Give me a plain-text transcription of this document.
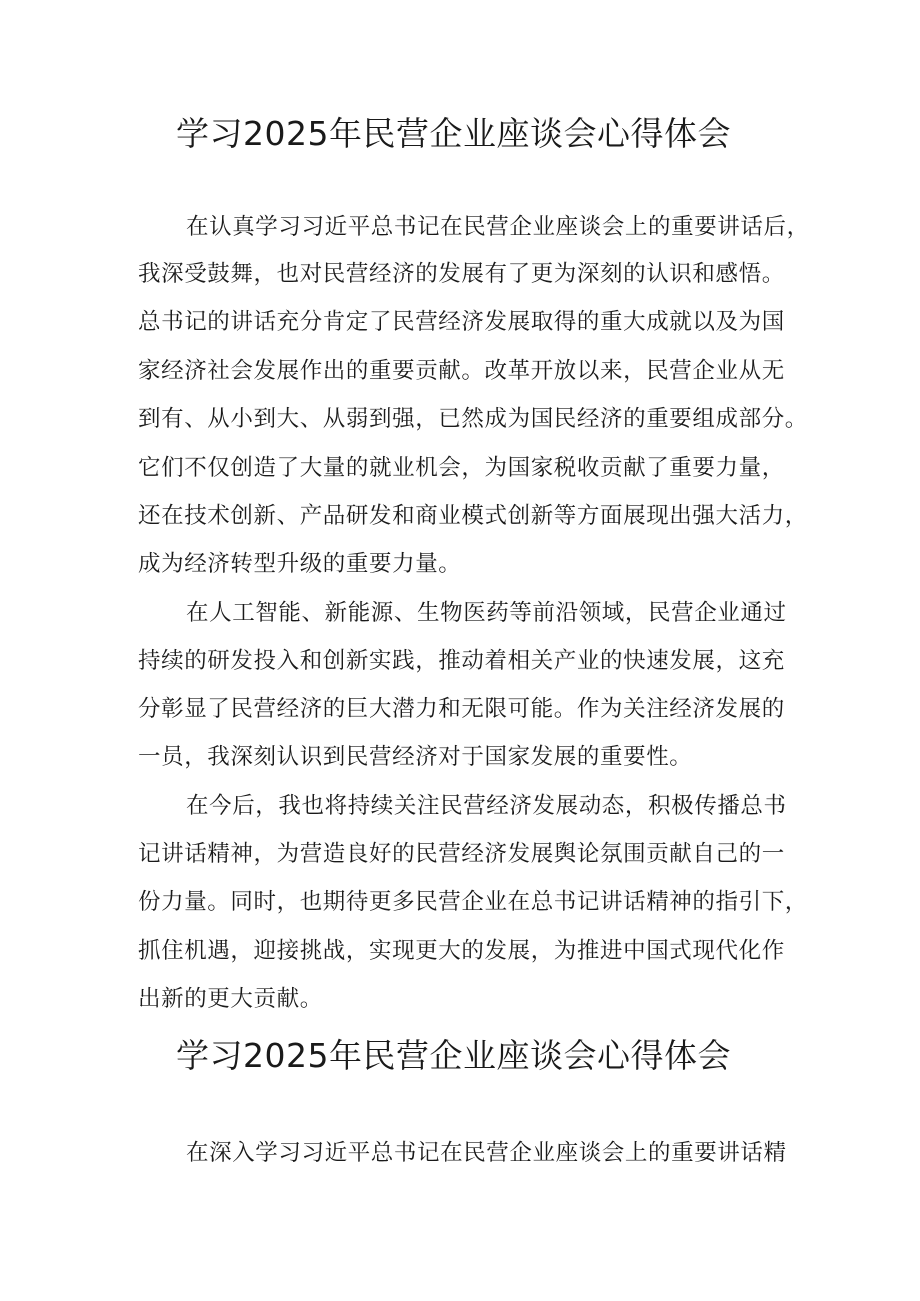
学习2025年民营企业座谈会心得体会
在认真学习习近平总书记在民营企业座谈会上的重要讲话后，
我深受鼓舞，也对民营经济的发展有了更为深刻的认识和感悟。
总书记的讲话充分肯定了民营经济发展取得的重大成就以及为国
家经济社会发展作出的重要贡献。改革开放以来，民营企业从无
到有、从小到大、从弱到强，已然成为国民经济的重要组成部分。
它们不仅创造了大量的就业机会，为国家税收贡献了重要力量，
还在技术创新、产品研发和商业模式创新等方面展现出强大活力，
成为经济转型升级的重要力量。
在人工智能、新能源、生物医药等前沿领域，民营企业通过
持续的研发投入和创新实践，推动着相关产业的快速发展，这充
分彰显了民营经济的巨大潜力和无限可能。作为关注经济发展的
一员，我深刻认识到民营经济对于国家发展的重要性。
在今后，我也将持续关注民营经济发展动态，积极传播总书
记讲话精神，为营造良好的民营经济发展舆论氛围贡献自己的一
份力量。同时，也期待更多民营企业在总书记讲话精神的指引下，
抓住机遇，迎接挑战，实现更大的发展，为推进中国式现代化作
出新的更大贡献。
学习2025年民营企业座谈会心得体会
在深入学习习近平总书记在民营企业座谈会上的重要讲话精
